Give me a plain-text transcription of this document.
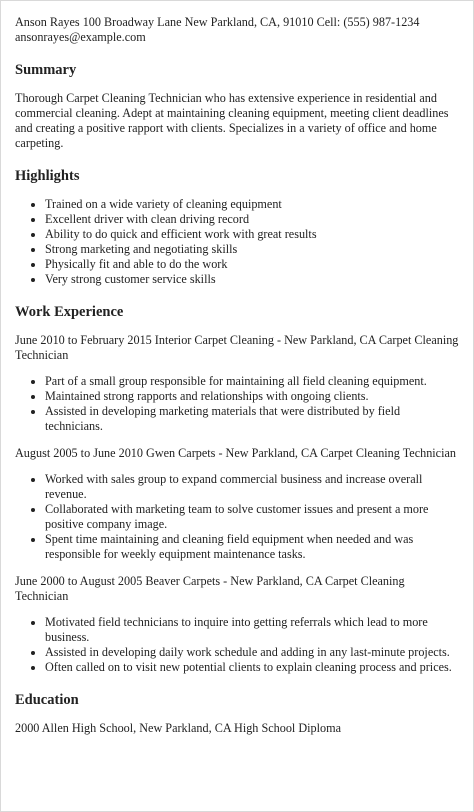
Anson Rayes 100 Broadway Lane New Parkland, CA, 91010 Cell: (555) 987-1234
ansonrayes@example.com
Summary

Thorough Carpet Cleaning Technician who has extensive experience in residential and commercial cleaning. Adept at maintaining cleaning equipment, meeting client deadlines and creating a positive rapport with clients. Specializes in a variety of office and home carpeting.

Highlights
• Trained on a wide variety of cleaning equipment
• Excellent driver with clean driving record
• Ability to do quick and efficient work with great results
• Strong marketing and negotiating skills
• Physically fit and able to do the work
• Very strong customer service skills
Work Experience

June 2010 to February 2015 Interior Carpet Cleaning - New Parkland, CA Carpet Cleaning Technician

• Part of a small group responsible for maintaining all field cleaning equipment.
• Maintained strong rapports and relationships with ongoing clients.
• Assisted in developing marketing materials that were distributed by field technicians.

August 2005 to June 2010 Gwen Carpets - New Parkland, CA Carpet Cleaning Technician

• Worked with sales group to expand commercial business and increase overall revenue.
• Collaborated with marketing team to solve customer issues and present a more positive company image.
• Spent time maintaining and cleaning field equipment when needed and was responsible for weekly equipment maintenance tasks.

June 2000 to August 2005 Beaver Carpets - New Parkland, CA Carpet Cleaning Technician

• Motivated field technicians to inquire into getting referrals which lead to more business.
• Assisted in developing daily work schedule and adding in any last-minute projects.
• Often called on to visit new potential clients to explain cleaning process and prices.
Education

2000 Allen High School, New Parkland, CA High School Diploma
